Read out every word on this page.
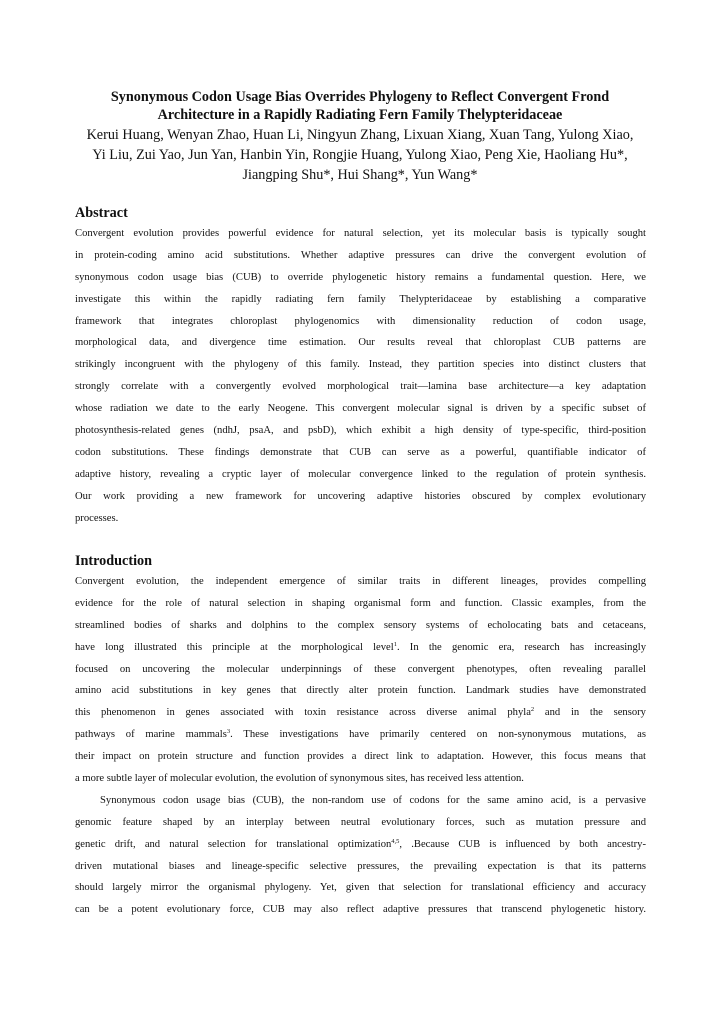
Synonymous Codon Usage Bias Overrides Phylogeny to Reflect Convergent Frond
Architecture in a Rapidly Radiating Fern Family Thelypteridaceae
Kerui Huang, Wenyan Zhao, Huan Li, Ningyun Zhang, Lixuan Xiang, Xuan Tang, Yulong Xiao,
Yi Liu, Zui Yao, Jun Yan, Hanbin Yin, Rongjie Huang, Yulong Xiao, Peng Xie, Haoliang Hu*,
Jiangping Shu*, Hui Shang*, Yun Wang*
Abstract
Convergent evolution provides powerful evidence for natural selection, yet its molecular basis is typically sought
in protein-coding amino acid substitutions. Whether adaptive pressures can drive the convergent evolution of
synonymous codon usage bias (CUB) to override phylogenetic history remains a fundamental question. Here, we
investigate this within the rapidly radiating fern family Thelypteridaceae by establishing a comparative
framework that integrates chloroplast phylogenomics with dimensionality reduction of codon usage,
morphological data, and divergence time estimation. Our results reveal that chloroplast CUB patterns are
strikingly incongruent with the phylogeny of this family. Instead, they partition species into distinct clusters that
strongly correlate with a convergently evolved morphological trait—lamina base architecture—a key adaptation
whose radiation we date to the early Neogene. This convergent molecular signal is driven by a specific subset of
photosynthesis-related genes (ndhJ, psaA, and psbD), which exhibit a high density of type-specific, third-position
codon substitutions. These findings demonstrate that CUB can serve as a powerful, quantifiable indicator of
adaptive history, revealing a cryptic layer of molecular convergence linked to the regulation of protein synthesis.
Our work providing a new framework for uncovering adaptive histories obscured by complex evolutionary
processes.
Introduction
Convergent evolution, the independent emergence of similar traits in different lineages, provides compelling
evidence for the role of natural selection in shaping organismal form and function. Classic examples, from the
streamlined bodies of sharks and dolphins to the complex sensory systems of echolocating bats and cetaceans,
have long illustrated this principle at the morphological level$^1$. In the genomic era, research has increasingly
focused on uncovering the molecular underpinnings of these convergent phenotypes, often revealing parallel
amino acid substitutions in key genes that directly alter protein function. Landmark studies have demonstrated
this phenomenon in genes associated with toxin resistance across diverse animal phyla$^2$ and in the sensory
pathways of marine mammals$^3$. These investigations have primarily centered on non-synonymous mutations, as
their impact on protein structure and function provides a direct link to adaptation. However, this focus means that
a more subtle layer of molecular evolution, the evolution of synonymous sites, has received less attention.
Synonymous codon usage bias (CUB), the non-random use of codons for the same amino acid, is a pervasive
genomic feature shaped by an interplay between neutral evolutionary forces, such as mutation pressure and
genetic drift, and natural selection for translational optimization$^{4,5}$, .Because CUB is influenced by both ancestry-
driven mutational biases and lineage-specific selective pressures, the prevailing expectation is that its patterns
should largely mirror the organismal phylogeny. Yet, given that selection for translational efficiency and accuracy
can be a potent evolutionary force, CUB may also reflect adaptive pressures that transcend phylogenetic history.
